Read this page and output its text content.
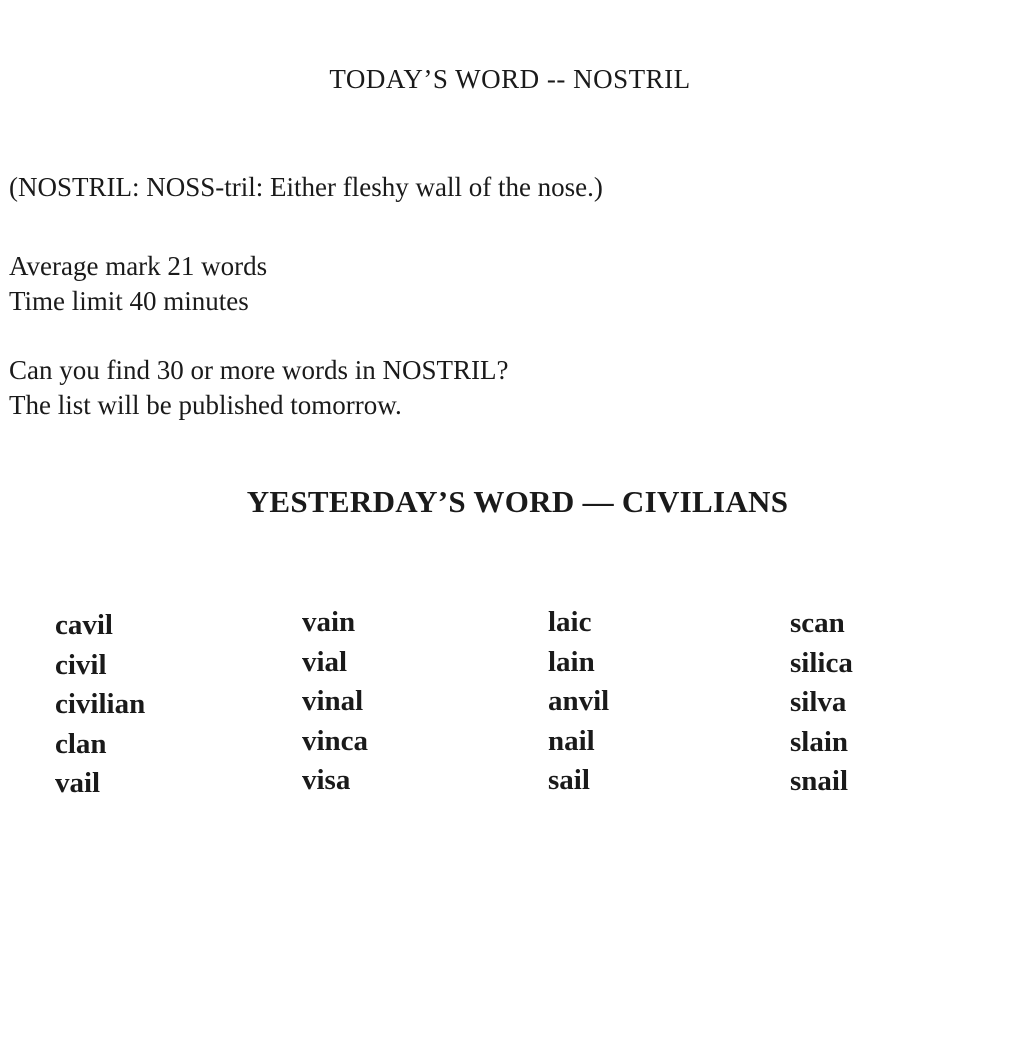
TODAY’S WORD -- NOSTRIL
(NOSTRIL: NOSS-tril: Either fleshy wall of the nose.)
Average mark 21 words
Time limit 40 minutes
Can you find 30 or more words in NOSTRIL?
The list will be published tomorrow.
YESTERDAY’S WORD — CIVILIANS
cavil
civil
civilian
clan
vail
vain
vial
vinal
vinca
visa
laic
lain
anvil
nail
sail
scan
silica
silva
slain
snail
